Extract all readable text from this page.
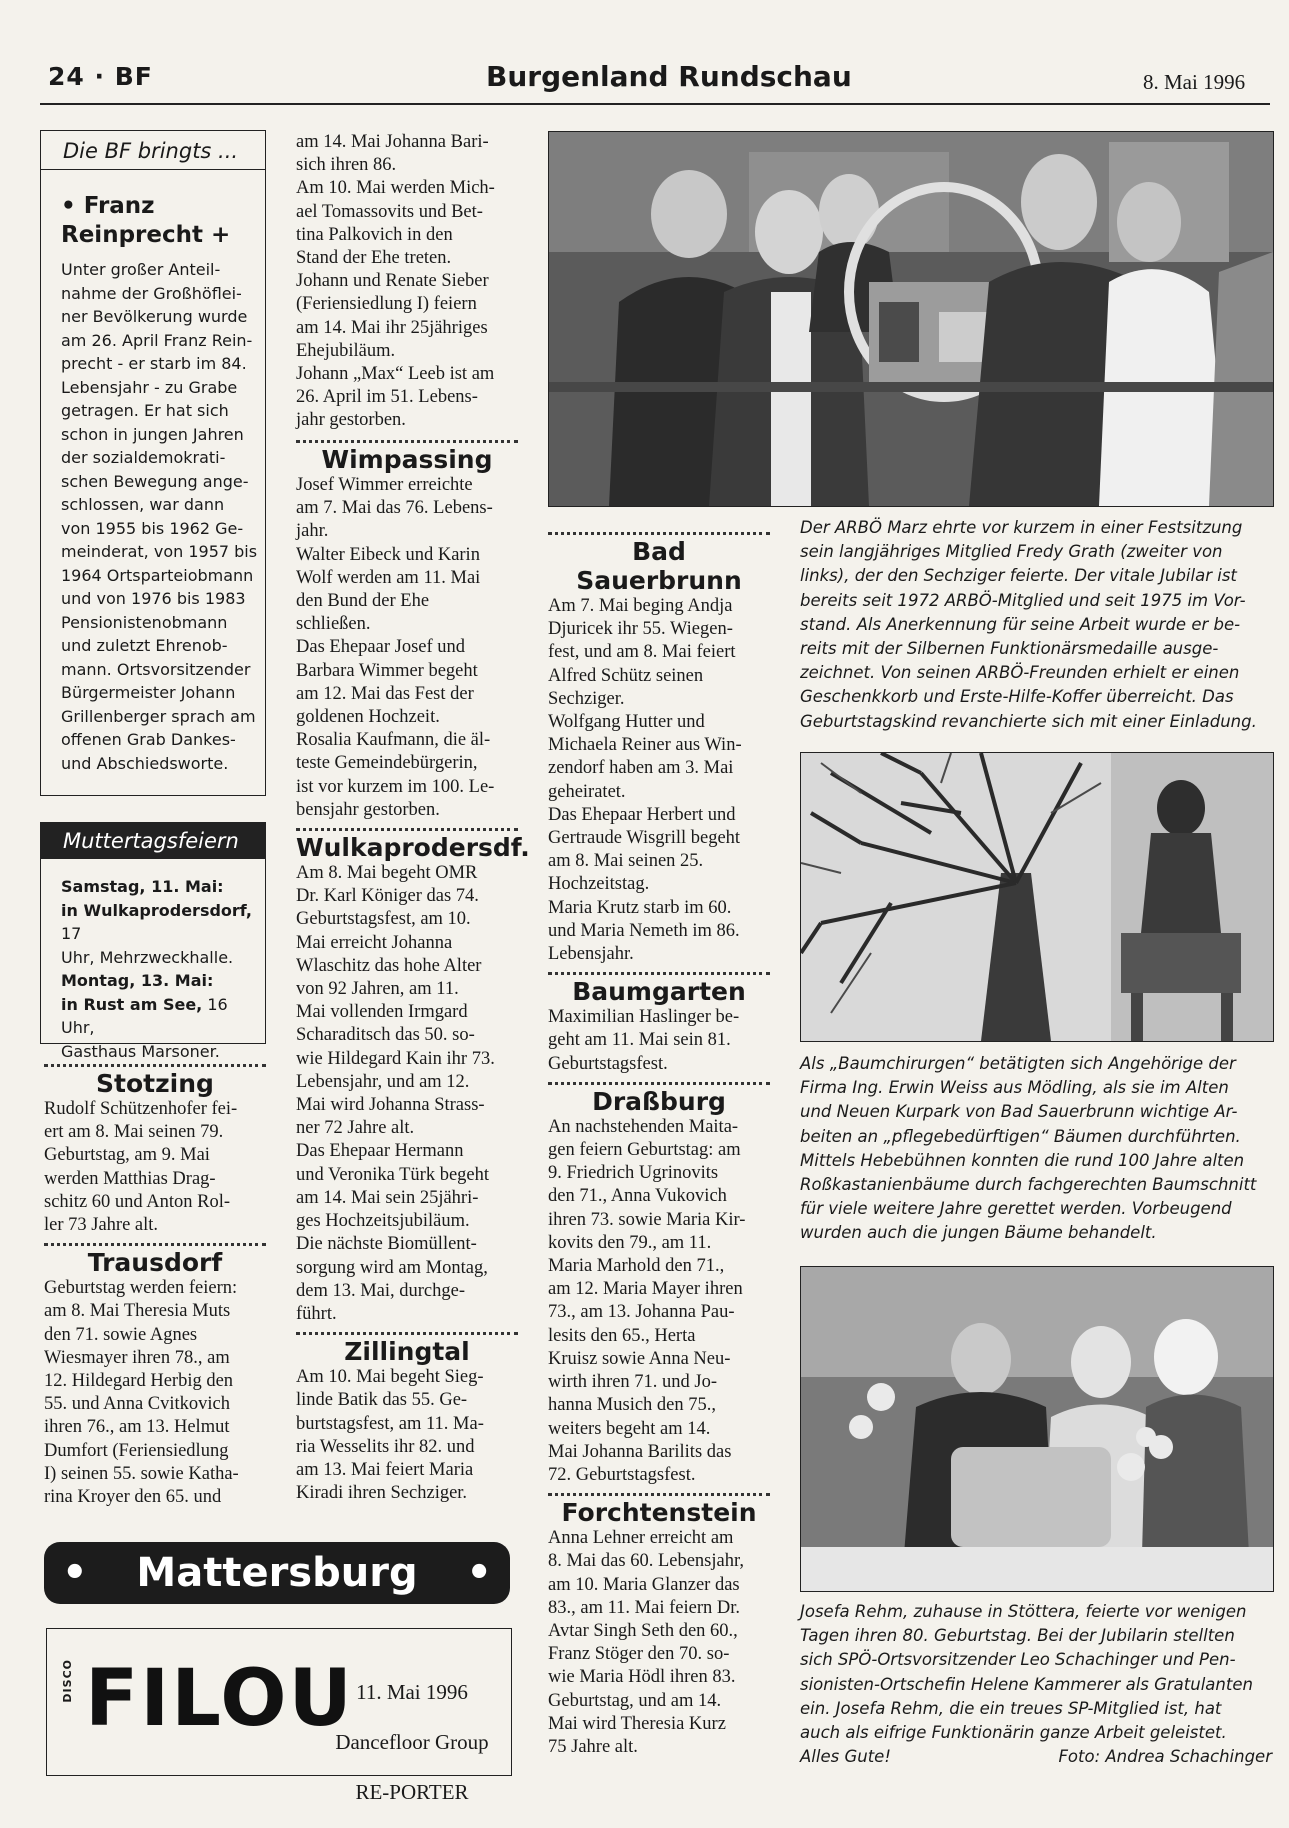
24 · BF	Burgenland Rundschau	8. Mai 1996
Die BF bringts ...
• Franz Reinprecht +

Unter großer Anteil-

nahme der Großhöflei-

ner Bevölkerung wurde

am 26. April Franz Rein-

precht - er starb im 84.

Lebensjahr - zu Grabe

getragen. Er hat sich

schon in jungen Jahren

der sozialdemokrati-

schen Bewegung ange-

schlossen, war dann

von 1955 bis 1962 Ge-

meinderat, von 1957 bis

1964 Ortsparteiobmann

und von 1976 bis 1983

Pensionistenobmann

und zuletzt Ehrenob-

mann. Ortsvorsitzender

Bürgermeister Johann

Grillenberger sprach am

offenen Grab Dankes-

und Abschiedsworte.

Muttertagsfeiern

Samstag, 11. Mai:

in Wulkaprodersdorf, 17

Uhr, Mehrzweckhalle.

Montag, 13. Mai:

in Rust am See, 16 Uhr,

Gasthaus Marsoner.

Stotzing

Rudolf Schützenhofer fei-

ert am 8. Mai seinen 79.

Geburtstag, am 9. Mai

werden Matthias Drag-

schitz 60 und Anton Rol-

ler 73 Jahre alt.

Trausdorf

Geburtstag werden feiern:

am 8. Mai Theresia Muts

den 71. sowie Agnes

Wiesmayer ihren 78., am

12. Hildegard Herbig den

55. und Anna Cvitkovich

ihren 76., am 13. Helmut

Dumfort (Feriensiedlung

I) seinen 55. sowie Katha-

rina Kroyer den 65. und

am 14. Mai Johanna Bari-

sich ihren 86.

Am 10. Mai werden Mich-

ael Tomassovits und Bet-

tina Palkovich in den

Stand der Ehe treten.

Johann und Renate Sieber

(Feriensiedlung I) feiern

am 14. Mai ihr 25jähriges

Ehejubiläum.

Johann „Max“ Leeb ist am

26. April im 51. Lebens-

jahr gestorben.

Wimpassing

Josef Wimmer erreichte

am 7. Mai das 76. Lebens-

jahr.

Walter Eibeck und Karin

Wolf werden am 11. Mai

den Bund der Ehe

schließen.

Das Ehepaar Josef und

Barbara Wimmer begeht

am 12. Mai das Fest der

goldenen Hochzeit.

Rosalia Kaufmann, die äl-

teste Gemeindebürgerin,

ist vor kurzem im 100. Le-

bensjahr gestorben.

Wulkaprodersdf.

Am 8. Mai begeht OMR

Dr. Karl Königer das 74.

Geburtstagsfest, am 10.

Mai erreicht Johanna

Wlaschitz das hohe Alter

von 92 Jahren, am 11.

Mai vollenden Irmgard

Scharaditsch das 50. so-

wie Hildegard Kain ihr 73.

Lebensjahr, und am 12.

Mai wird Johanna Strass-

ner 72 Jahre alt.

Das Ehepaar Hermann

und Veronika Türk begeht

am 14. Mai sein 25jähri-

ges Hochzeitsjubiläum.

Die nächste Biomüllent-

sorgung wird am Montag,

dem 13. Mai, durchge-

führt.

Zillingtal

Am 10. Mai begeht Sieg-

linde Batik das 55. Ge-

burtstagsfest, am 11. Ma-

ria Wesselits ihr 82. und

am 13. Mai feiert Maria

Kiradi ihren Sechziger.

Bad Sauerbrunn

Am 7. Mai beging Andja

Djuricek ihr 55. Wiegen-

fest, und am 8. Mai feiert

Alfred Schütz seinen

Sechziger.

Wolfgang Hutter und

Michaela Reiner aus Win-

zendorf haben am 3. Mai

geheiratet.

Das Ehepaar Herbert und

Gertraude Wisgrill begeht

am 8. Mai seinen 25.

Hochzeitstag.

Maria Krutz starb im 60.

und Maria Nemeth im 86.

Lebensjahr.

Baumgarten

Maximilian Haslinger be-

geht am 11. Mai sein 81.

Geburtstagsfest.

Draßburg

An nachstehenden Maita-

gen feiern Geburtstag: am

9. Friedrich Ugrinovits

den 71., Anna Vukovich

ihren 73. sowie Maria Kir-

kovits den 79., am 11.

Maria Marhold den 71.,

am 12. Maria Mayer ihren

73., am 13. Johanna Pau-

lesits den 65., Herta

Kruisz sowie Anna Neu-

wirth ihren 71. und Jo-

hanna Musich den 75.,

weiters begeht am 14.

Mai Johanna Barilits das

72. Geburtstagsfest.

Forchtenstein

Anna Lehner erreicht am

8. Mai das 60. Lebensjahr,

am 10. Maria Glanzer das

83., am 11. Mai feiern Dr.

Avtar Singh Seth den 60.,

Franz Stöger den 70. so-

wie Maria Hödl ihren 83.

Geburtstag, und am 14.

Mai wird Theresia Kurz

75 Jahre alt.

Der ARBÖ Marz ehrte vor kurzem in einer Festsitzung

sein langjähriges Mitglied Fredy Grath (zweiter von

links), der den Sechziger feierte. Der vitale Jubilar ist

bereits seit 1972 ARBÖ-Mitglied und seit 1975 im Vor-

stand. Als Anerkennung für seine Arbeit wurde er be-

reits mit der Silbernen Funktionärsmedaille ausge-

zeichnet. Von seinen ARBÖ-Freunden erhielt er einen

Geschenkkorb und Erste-Hilfe-Koffer überreicht. Das

Geburtstagskind revanchierte sich mit einer Einladung.

Als „Baumchirurgen“ betätigten sich Angehörige der

Firma Ing. Erwin Weiss aus Mödling, als sie im Alten

und Neuen Kurpark von Bad Sauerbrunn wichtige Ar-

beiten an „pflegebedürftigen“ Bäumen durchführten.

Mittels Hebebühnen konnten die rund 100 Jahre alten

Roßkastanienbäume durch fachgerechten Baumschnitt

für viele weitere Jahre gerettet werden. Vorbeugend

wurden auch die jungen Bäume behandelt.

Josefa Rehm, zuhause in Stöttera, feierte vor wenigen

Tagen ihren 80. Geburtstag. Bei der Jubilarin stellten

sich SPÖ-Ortsvorsitzender Leo Schachinger und Pen-

sionisten-Ortschefin Helene Kammerer als Gratulanten

ein. Josefa Rehm, die ein treues SP-Mitglied ist, hat

auch als eifrige Funktionärin ganze Arbeit geleistet.

Alles Gute!	Foto: Andrea Schachinger
• Mattersburg •
DISCO FILOU 11. Mai 1996

Dancefloor Group

RE-PORTER
